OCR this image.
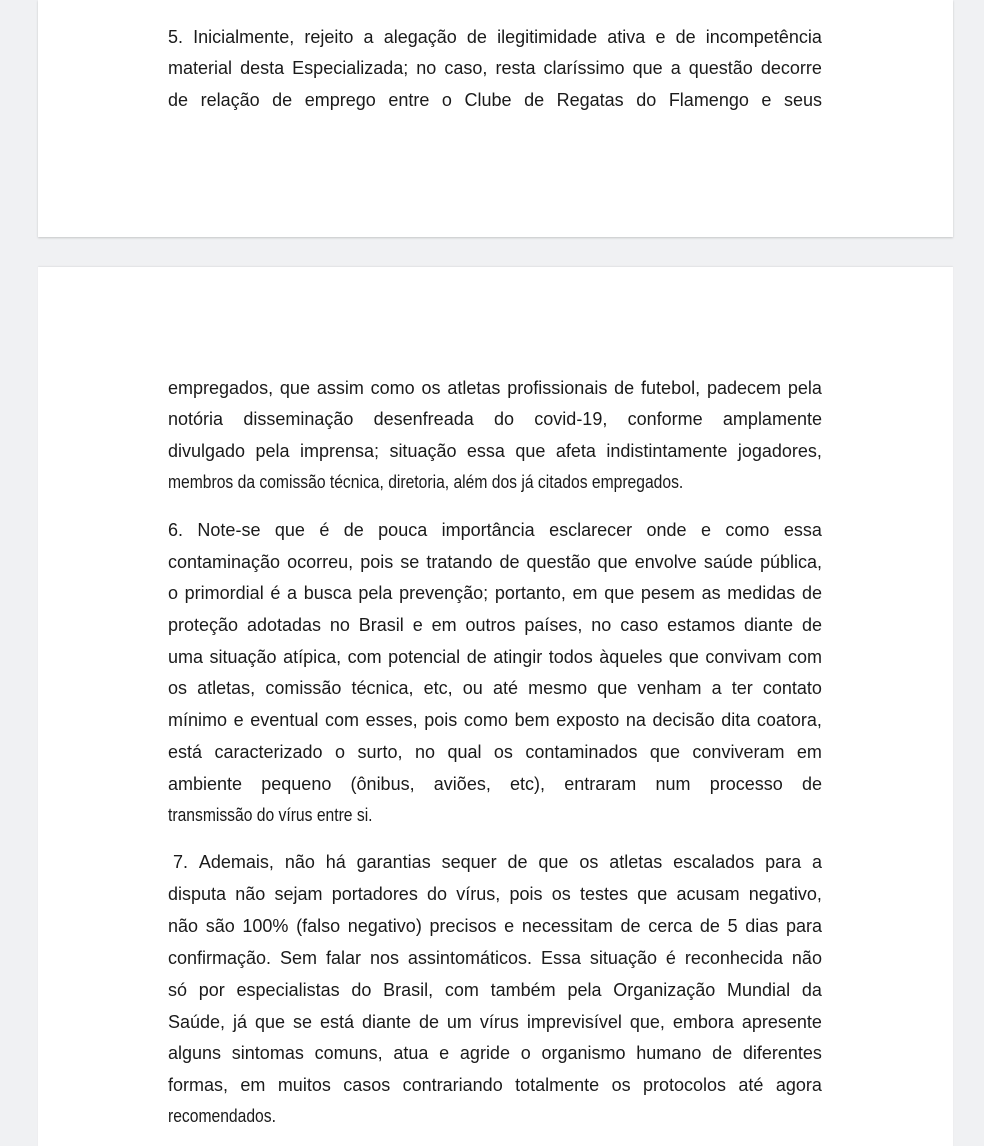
5. Inicialmente, rejeito a alegação de ilegitimidade ativa e de incompetência
material desta Especializada; no caso, resta claríssimo que a questão decorre
de relação de emprego entre o Clube de Regatas do Flamengo e seus
empregados, que assim como os atletas profissionais de futebol, padecem pela
notória disseminação desenfreada do covid-19, conforme amplamente
divulgado pela imprensa; situação essa que afeta indistintamente jogadores,
membros da comissão técnica, diretoria, além dos já citados empregados.
6. Note-se que é de pouca importância esclarecer onde e como essa
contaminação ocorreu, pois se tratando de questão que envolve saúde pública,
o primordial é a busca pela prevenção; portanto, em que pesem as medidas de
proteção adotadas no Brasil e em outros países, no caso estamos diante de
uma situação atípica, com potencial de atingir todos àqueles que convivam com
os atletas, comissão técnica, etc, ou até mesmo que venham a ter contato
mínimo e eventual com esses, pois como bem exposto na decisão dita coatora,
está caracterizado o surto, no qual os contaminados que conviveram em
ambiente pequeno (ônibus, aviões, etc), entraram num processo de
transmissão do vírus entre si.
7. Ademais, não há garantias sequer de que os atletas escalados para a
disputa não sejam portadores do vírus, pois os testes que acusam negativo,
não são 100% (falso negativo) precisos e necessitam de cerca de 5 dias para
confirmação. Sem falar nos assintomáticos. Essa situação é reconhecida não
só por especialistas do Brasil, com também pela Organização Mundial da
Saúde, já que se está diante de um vírus imprevisível que, embora apresente
alguns sintomas comuns, atua e agride o organismo humano de diferentes
formas, em muitos casos contrariando totalmente os protocolos até agora
recomendados.
